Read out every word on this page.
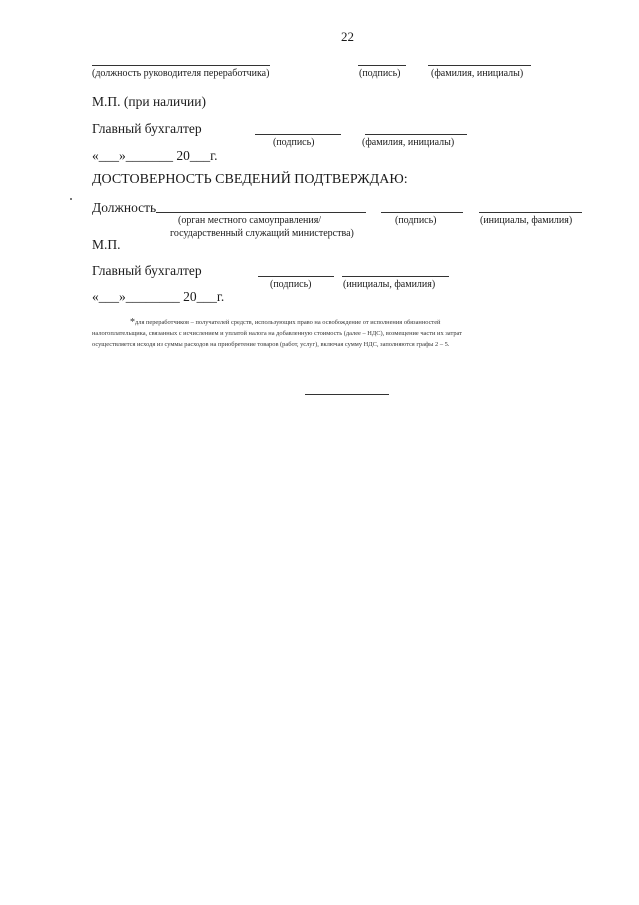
22
(должность руководителя переработчика)	(подпись)	(фамилия, инициалы)
М.П. (при наличии)
Главный бухгалтер
(подпись)	(фамилия, инициалы)
«___»_______ 20___г.
ДОСТОВЕРНОСТЬ СВЕДЕНИЙ ПОДТВЕРЖДАЮ:
Должность
(орган местного самоуправления/
государственный служащий министерства)
(подпись)	(инициалы, фамилия)
М.П.
Главный бухгалтер
(подпись)	(инициалы, фамилия)
«___»________ 20___г.

*для переработчиков – получателей средств, использующих право на освобождение от исполнения обязанностей

налогоплательщика, связанных с исчислением и уплатой налога на добавленную стоимость (далее – НДС), возмещение части их затрат

осуществляется исходя из суммы расходов на приобретение товаров (работ, услуг), включая сумму НДС, заполняются графы 2 – 5.
